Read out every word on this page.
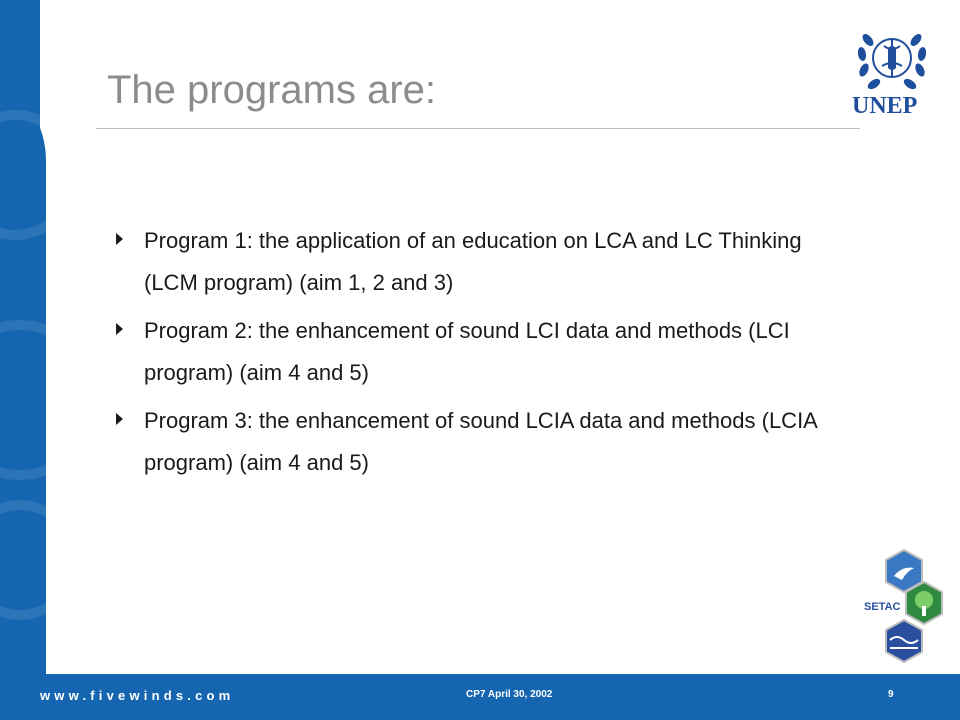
UNEP
The programs are:
Program 1: the application of an education on LCA and LC Thinking (LCM program) (aim 1, 2 and 3)
Program 2: the enhancement of sound LCI data and methods (LCI program) (aim 4 and 5)
Program 3: the enhancement of sound LCIA data and methods (LCIA program) (aim 4 and 5)
SETAC
www.fivewinds.com	CP7 April 30, 2002	9
